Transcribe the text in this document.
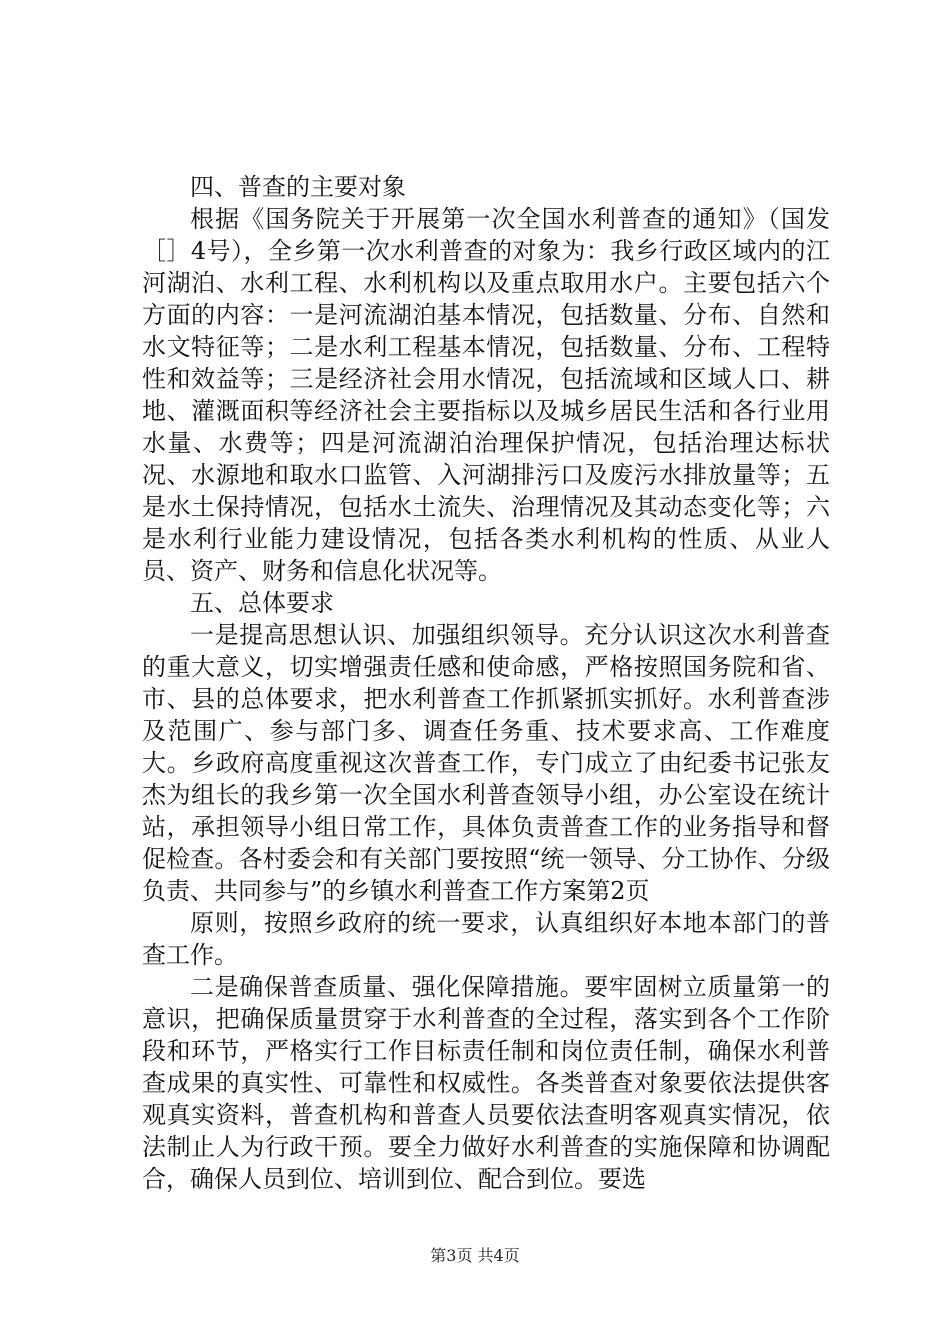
四、普查的主要对象

根据《国务院关于开展第一次全国水利普查的通知》（国发［］4号），全乡第一次水利普查的对象为：我乡行政区域内的江河湖泊、水利工程、水利机构以及重点取用水户。主要包括六个方面的内容：一是河流湖泊基本情况，包括数量、分布、自然和水文特征等；二是水利工程基本情况，包括数量、分布、工程特性和效益等；三是经济社会用水情况，包括流域和区域人口、耕地、灌溉面积等经济社会主要指标以及城乡居民生活和各行业用水量、水费等；四是河流湖泊治理保护情况，包括治理达标状况、水源地和取水口监管、入河湖排污口及废污水排放量等；五是水土保持情况，包括水土流失、治理情况及其动态变化等；六是水利行业能力建设情况，包括各类水利机构的性质、从业人员、资产、财务和信息化状况等。

五、总体要求

一是提高思想认识、加强组织领导。充分认识这次水利普查的重大意义，切实增强责任感和使命感，严格按照国务院和省、市、县的总体要求，把水利普查工作抓紧抓实抓好。水利普查涉及范围广、参与部门多、调查任务重、技术要求高、工作难度大。乡政府高度重视这次普查工作，专门成立了由纪委书记张友杰为组长的我乡第一次全国水利普查领导小组，办公室设在统计站，承担领导小组日常工作，具体负责普查工作的业务指导和督促检查。各村委会和有关部门要按照“统一领导、分工协作、分级负责、共同参与”的乡镇水利普查工作方案第2页

原则，按照乡政府的统一要求，认真组织好本地本部门的普查工作。

二是确保普查质量、强化保障措施。要牢固树立质量第一的意识，把确保质量贯穿于水利普查的全过程，落实到各个工作阶段和环节，严格实行工作目标责任制和岗位责任制，确保水利普查成果的真实性、可靠性和权威性。各类普查对象要依法提供客观真实资料，普查机构和普查人员要依法查明客观真实情况，依法制止人为行政干预。要全力做好水利普查的实施保障和协调配合，确保人员到位、培训到位、配合到位。要选

第3页 共4页
